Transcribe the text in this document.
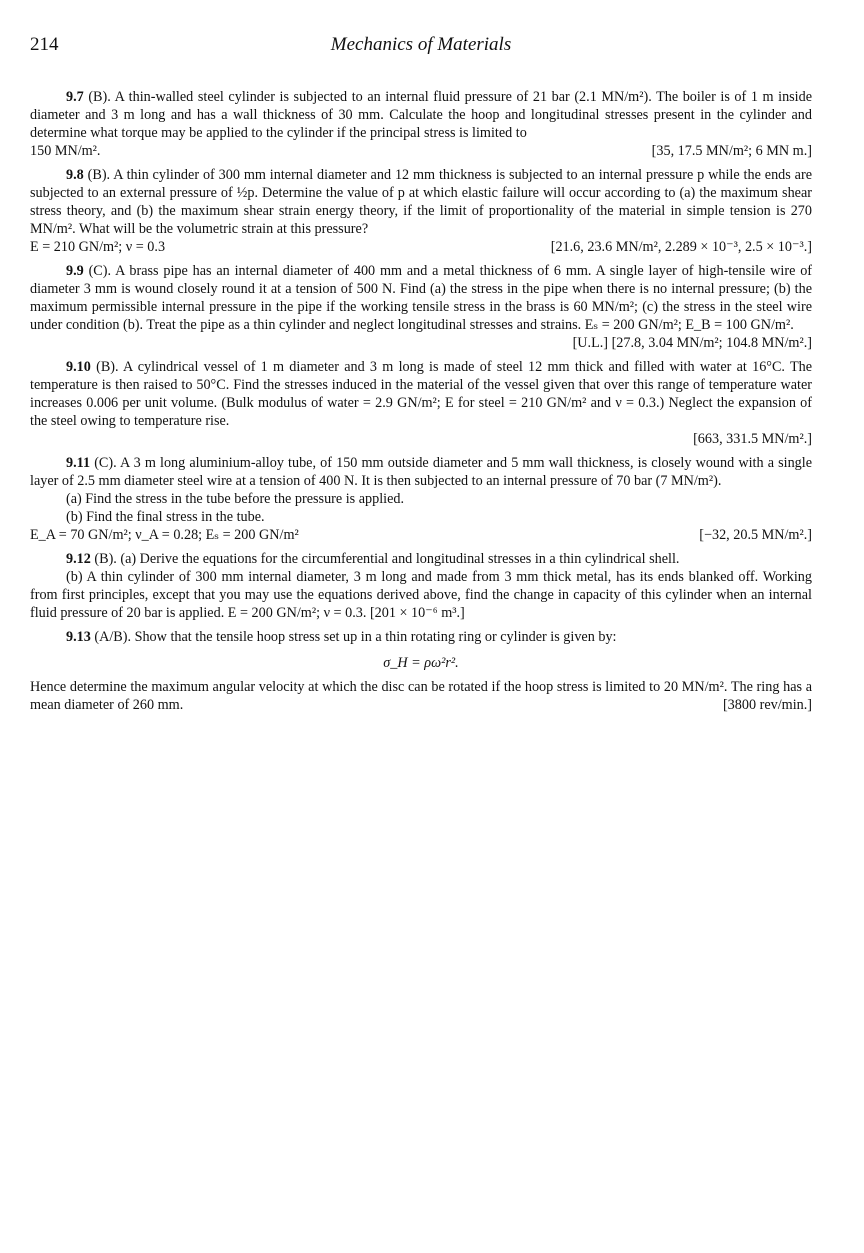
214	Mechanics of Materials

9.7 (B). A thin-walled steel cylinder is subjected to an internal fluid pressure of 21 bar (2.1 MN/m²). The boiler is of 1 m inside diameter and 3 m long and has a wall thickness of 30 mm. Calculate the hoop and longitudinal stresses present in the cylinder and determine what torque may be applied to the cylinder if the principal stress is limited to

150 MN/m².	[35, 17.5 MN/m²; 6 MN m.]

9.8 (B). A thin cylinder of 300 mm internal diameter and 12 mm thickness is subjected to an internal pressure p while the ends are subjected to an external pressure of ½p. Determine the value of p at which elastic failure will occur according to (a) the maximum shear stress theory, and (b) the maximum shear strain energy theory, if the limit of proportionality of the material in simple tension is 270 MN/m². What will be the volumetric strain at this pressure?

E = 210 GN/m²; ν = 0.3	[21.6, 23.6 MN/m², 2.289 × 10⁻³, 2.5 × 10⁻³.]

9.9 (C). A brass pipe has an internal diameter of 400 mm and a metal thickness of 6 mm. A single layer of high-tensile wire of diameter 3 mm is wound closely round it at a tension of 500 N. Find (a) the stress in the pipe when there is no internal pressure; (b) the maximum permissible internal pressure in the pipe if the working tensile stress in the brass is 60 MN/m²; (c) the stress in the steel wire under condition (b). Treat the pipe as a thin cylinder and neglect longitudinal stresses and strains. Eₛ = 200 GN/m²; E_B = 100 GN/m².

[U.L.] [27.8, 3.04 MN/m²; 104.8 MN/m².]

9.10 (B). A cylindrical vessel of 1 m diameter and 3 m long is made of steel 12 mm thick and filled with water at 16°C. The temperature is then raised to 50°C. Find the stresses induced in the material of the vessel given that over this range of temperature water increases 0.006 per unit volume. (Bulk modulus of water = 2.9 GN/m²; E for steel = 210 GN/m² and ν = 0.3.) Neglect the expansion of the steel owing to temperature rise.

[663, 331.5 MN/m².]

9.11 (C). A 3 m long aluminium-alloy tube, of 150 mm outside diameter and 5 mm wall thickness, is closely wound with a single layer of 2.5 mm diameter steel wire at a tension of 400 N. It is then subjected to an internal pressure of 70 bar (7 MN/m²).

(a) Find the stress in the tube before the pressure is applied.

(b) Find the final stress in the tube.

E_A = 70 GN/m²; ν_A = 0.28; Eₛ = 200 GN/m²	[−32, 20.5 MN/m².]

9.12 (B). (a) Derive the equations for the circumferential and longitudinal stresses in a thin cylindrical shell.

(b) A thin cylinder of 300 mm internal diameter, 3 m long and made from 3 mm thick metal, has its ends blanked off. Working from first principles, except that you may use the equations derived above, find the change in capacity of this cylinder when an internal fluid pressure of 20 bar is applied. E = 200 GN/m²; ν = 0.3. [201 × 10⁻⁶ m³.]

9.13 (A/B). Show that the tensile hoop stress set up in a thin rotating ring or cylinder is given by:

σ_H = ρω²r².

Hence determine the maximum angular velocity at which the disc can be rotated if the hoop stress is limited to 20 MN/m². The ring has a mean diameter of 260 mm.	[3800 rev/min.]
